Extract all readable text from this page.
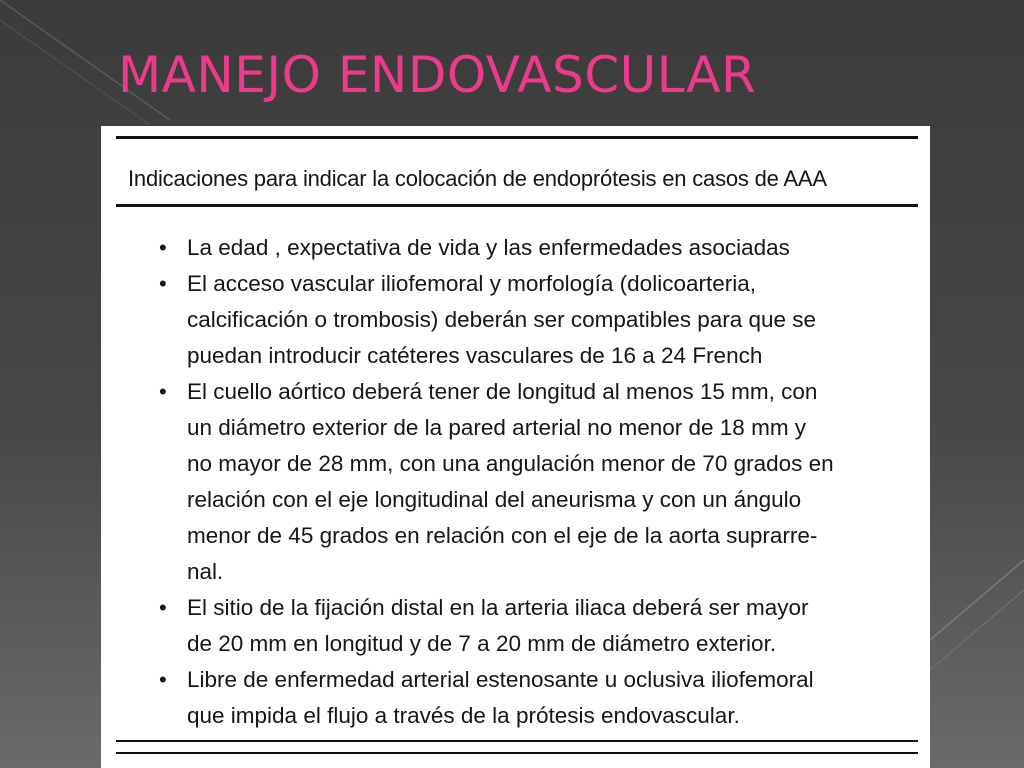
MANEJO ENDOVASCULAR
Indicaciones para indicar la colocación de endoprótesis en casos de AAA
• La edad , expectativa de vida y las enfermedades asociadas
• El acceso vascular iliofemoral y morfología (dolicoarteria,
calcificación o trombosis) deberán ser compatibles para que se
puedan introducir catéteres vasculares de 16 a 24 French
• El cuello aórtico deberá tener de longitud al menos 15 mm, con
un diámetro exterior de la pared arterial no menor de 18 mm y
no mayor de 28 mm, con una angulación menor de 70 grados en
relación con el eje longitudinal del aneurisma y con un ángulo
menor de 45 grados en relación con el eje de la aorta suprarre-
nal.
• El sitio de la fijación distal en la arteria iliaca deberá ser mayor
de 20 mm en longitud y de 7 a 20 mm de diámetro exterior.
• Libre de enfermedad arterial estenosante u oclusiva iliofemoral
que impida el flujo a través de la prótesis endovascular.
